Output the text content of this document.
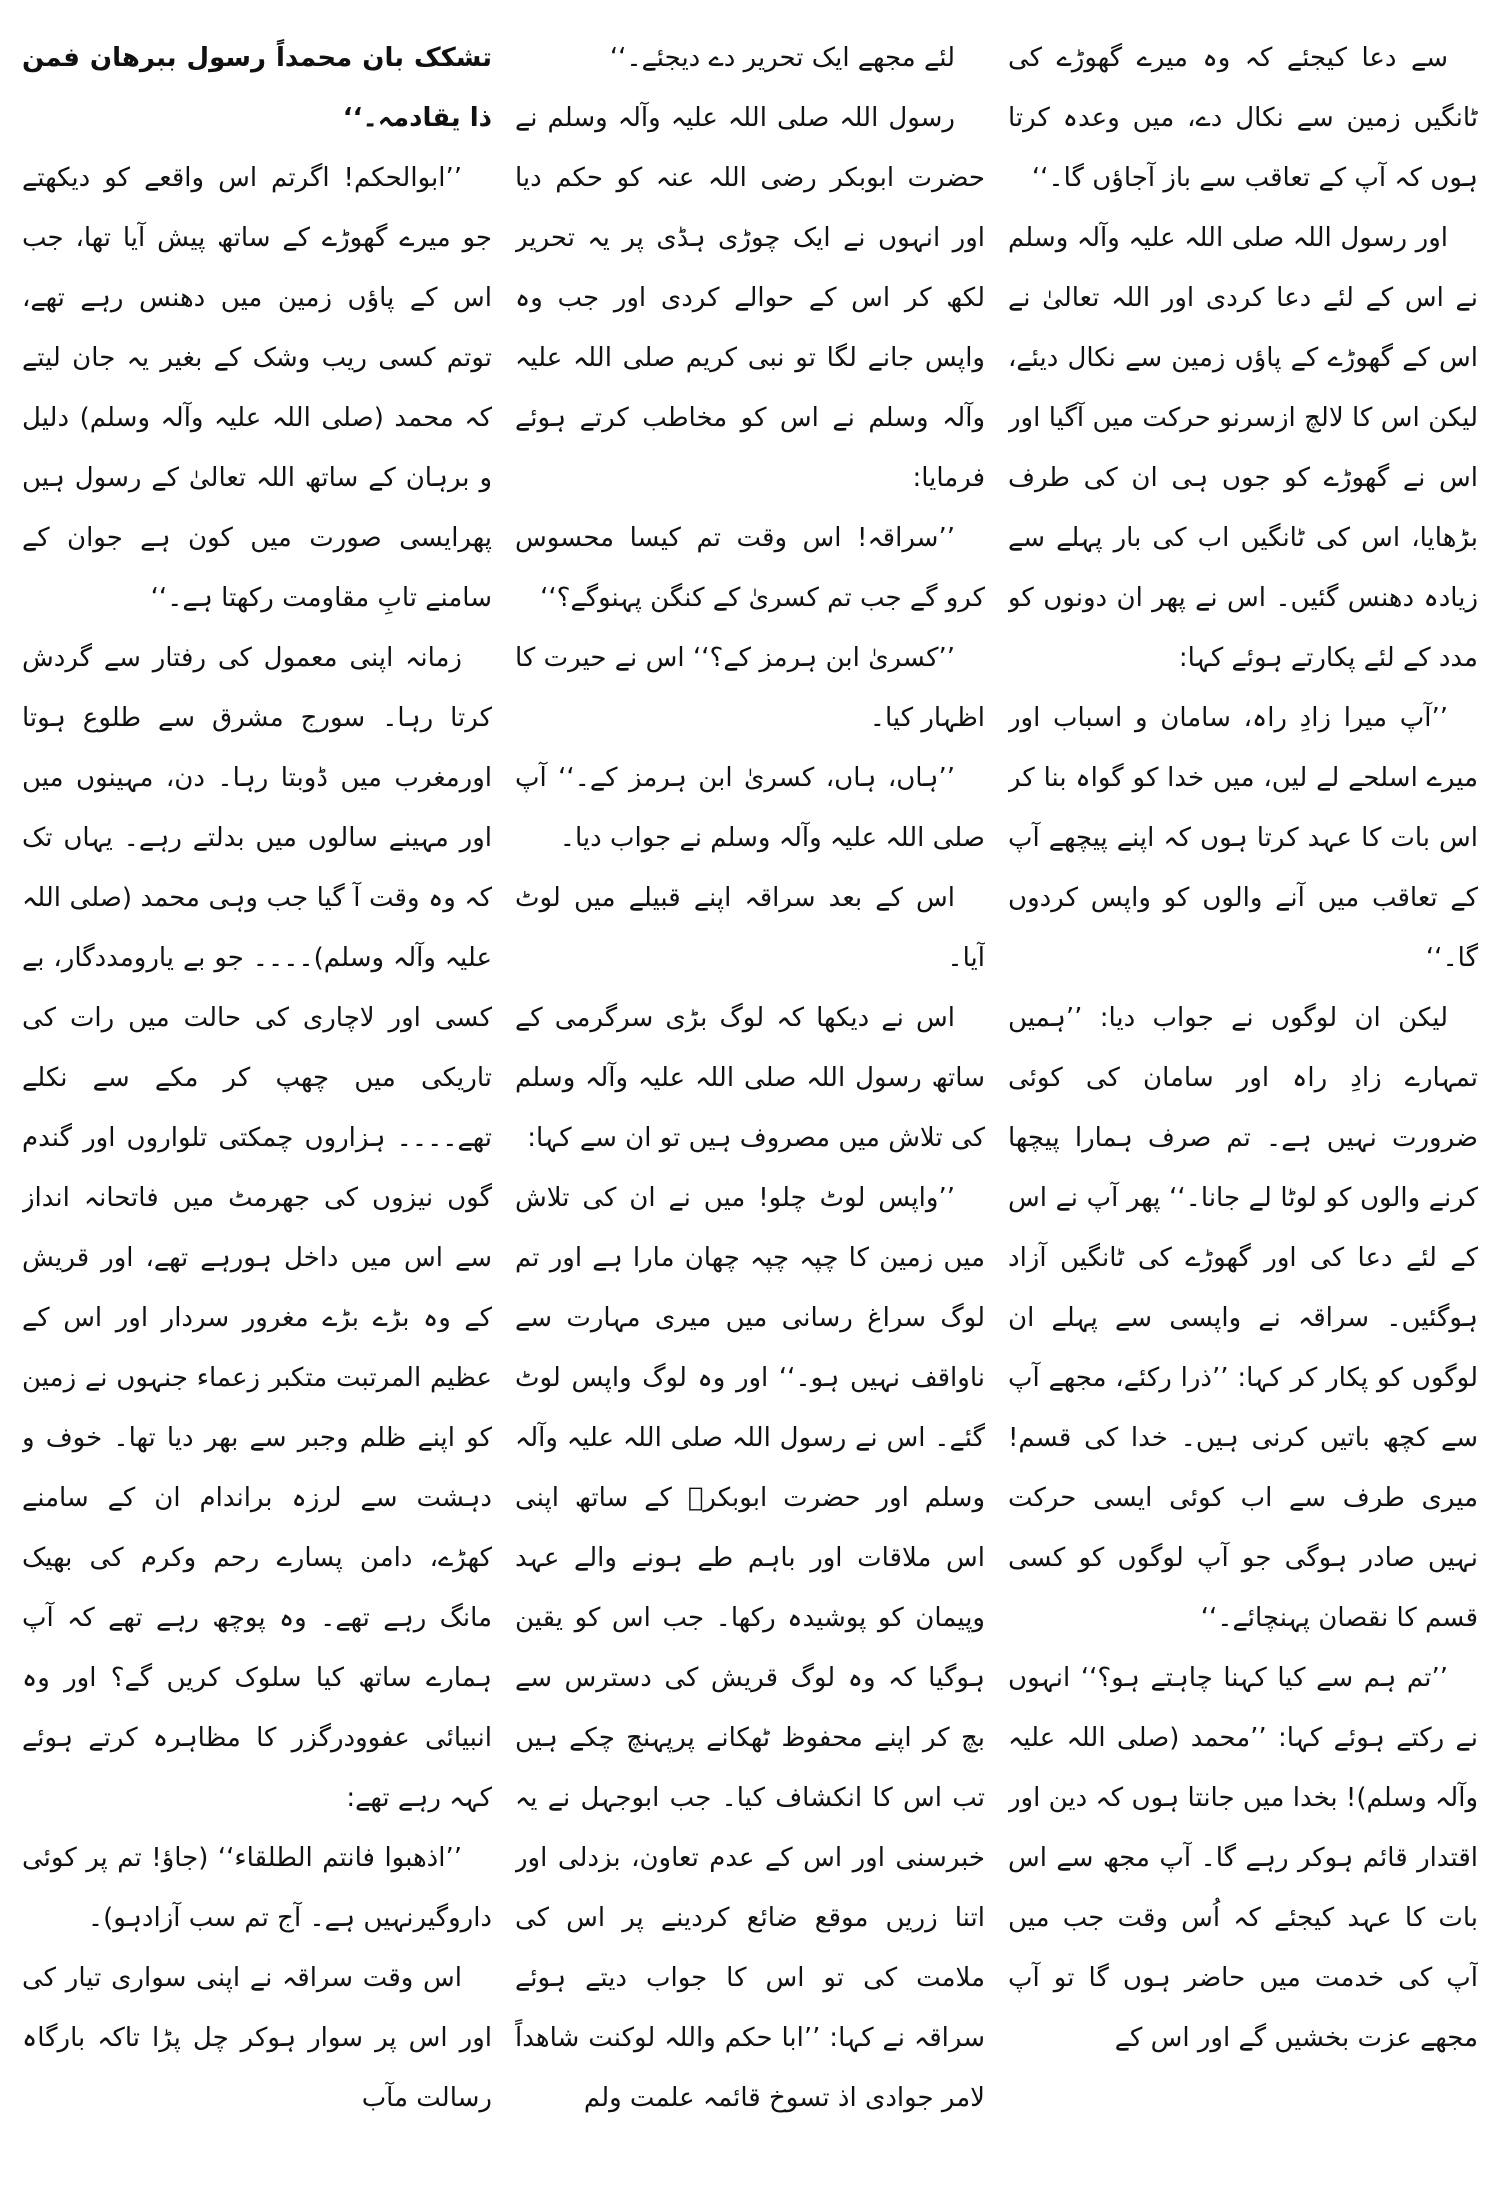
تشکک بان محمداً رسول ببرھان فمن ذا یقادمہ۔‘‘

’’ابوالحکم! اگرتم اس واقعے کو دیکھتے جو میرے گھوڑے کے ساتھ پیش آیا تھا، جب اس کے پاؤں زمین میں دھنس رہے تھے، توتم کسی ریب وشک کے بغیر یہ جان لیتے کہ محمد (صلی اللہ علیہ وآلہ وسلم) دلیل و برہان کے ساتھ اللہ تعالیٰ کے رسول ہیں پھرایسی صورت میں کون ہے جوان کے سامنے تابِ مقاومت رکھتا ہے۔‘‘

زمانہ اپنی معمول کی رفتار سے گردش کرتا رہا۔ سورج مشرق سے طلوع ہوتا اورمغرب میں ڈوبتا رہا۔ دن، مہینوں میں اور مہینے سالوں میں بدلتے رہے۔ یہاں تک کہ وہ وقت آ گیا جب وہی محمد (صلی اللہ علیہ وآلہ وسلم)۔۔۔۔ جو بے یارومددگار، بے کسی اور لاچاری کی حالت میں رات کی تاریکی میں چھپ کر مکے سے نکلے تھے۔۔۔۔ ہزاروں چمکتی تلواروں اور گندم گوں نیزوں کی جھرمٹ میں فاتحانہ انداز سے اس میں داخل ہورہے تھے، اور قریش کے وہ بڑے بڑے مغرور سردار اور اس کے عظیم المرتبت متکبر زعماء جنہوں نے زمین کو اپنے ظلم وجبر سے بھر دیا تھا۔ خوف و دہشت سے لرزہ براندام ان کے سامنے کھڑے، دامن پسارے رحم وکرم کی بھیک مانگ رہے تھے۔ وہ پوچھ رہے تھے کہ آپ ہمارے ساتھ کیا سلوک کریں گے؟ اور وہ انبیائی عفوودرگزر کا مظاہرہ کرتے ہوئے کہہ رہے تھے:

’’اذھبوا فانتم الطلقاء‘‘ (جاؤ! تم پر کوئی داروگیرنہیں ہے۔ آج تم سب آزادہو)۔

اس وقت سراقہ نے اپنی سواری تیار کی اور اس پر سوار ہوکر چل پڑا تاکہ بارگاہ رسالت مآب

لئے مجھے ایک تحریر دے دیجئے۔‘‘

رسول اللہ صلی اللہ علیہ وآلہ وسلم نے حضرت ابوبکر رضی اللہ عنہ کو حکم دیا اور انہوں نے ایک چوڑی ہڈی پر یہ تحریر لکھ کر اس کے حوالے کردی اور جب وہ واپس جانے لگا تو نبی کریم صلی اللہ علیہ وآلہ وسلم نے اس کو مخاطب کرتے ہوئے فرمایا:

’’سراقہ! اس وقت تم کیسا محسوس کرو گے جب تم کسریٰ کے کنگن پہنوگے؟‘‘

’’کسریٰ ابن ہرمز کے؟‘‘ اس نے حیرت کا اظہار کیا۔

’’ہاں، ہاں، کسریٰ ابن ہرمز کے۔‘‘ آپ صلی اللہ علیہ وآلہ وسلم نے جواب دیا۔

اس کے بعد سراقہ اپنے قبیلے میں لوٹ آیا۔

اس نے دیکھا کہ لوگ بڑی سرگرمی کے ساتھ رسول اللہ صلی اللہ علیہ وآلہ وسلم کی تلاش میں مصروف ہیں تو ان سے کہا:

’’واپس لوٹ چلو! میں نے ان کی تلاش میں زمین کا چپہ چپہ چھان مارا ہے اور تم لوگ سراغ رسانی میں میری مہارت سے ناواقف نہیں ہو۔‘‘ اور وہ لوگ واپس لوٹ گئے۔ اس نے رسول اللہ صلی اللہ علیہ وآلہ وسلم اور حضرت ابوبکرؓ کے ساتھ اپنی اس ملاقات اور باہم طے ہونے والے عہد وپیمان کو پوشیدہ رکھا۔ جب اس کو یقین ہوگیا کہ وہ لوگ قریش کی دسترس سے بچ کر اپنے محفوظ ٹھکانے پرپہنچ چکے ہیں تب اس کا انکشاف کیا۔ جب ابوجہل نے یہ خبرسنی اور اس کے عدم تعاون، بزدلی اور اتنا زریں موقع ضائع کردینے پر اس کی ملامت کی تو اس کا جواب دیتے ہوئے سراقہ نے کہا: ’’ابا حکم واللہ لوکنت شاھداً لامر جوادی اذ تسوخ قائمہ علمت ولم

سے دعا کیجئے کہ وہ میرے گھوڑے کی ٹانگیں زمین سے نکال دے، میں وعدہ کرتا ہوں کہ آپ کے تعاقب سے باز آجاؤں گا۔‘‘

اور رسول اللہ صلی اللہ علیہ وآلہ وسلم نے اس کے لئے دعا کردی اور اللہ تعالیٰ نے اس کے گھوڑے کے پاؤں زمین سے نکال دیئے، لیکن اس کا لالچ ازسرنو حرکت میں آگیا اور اس نے گھوڑے کو جوں ہی ان کی طرف بڑھایا، اس کی ٹانگیں اب کی بار پہلے سے زیادہ دھنس گئیں۔ اس نے پھر ان دونوں کو مدد کے لئے پکارتے ہوئے کہا:

’’آپ میرا زادِ راہ، سامان و اسباب اور میرے اسلحے لے لیں، میں خدا کو گواہ بنا کر اس بات کا عہد کرتا ہوں کہ اپنے پیچھے آپ کے تعاقب میں آنے والوں کو واپس کردوں گا۔‘‘

لیکن ان لوگوں نے جواب دیا: ’’ہمیں تمہارے زادِ راہ اور سامان کی کوئی ضرورت نہیں ہے۔ تم صرف ہمارا پیچھا کرنے والوں کو لوٹا لے جانا۔‘‘ پھر آپ نے اس کے لئے دعا کی اور گھوڑے کی ٹانگیں آزاد ہوگئیں۔ سراقہ نے واپسی سے پہلے ان لوگوں کو پکار کر کہا: ’’ذرا رکئے، مجھے آپ سے کچھ باتیں کرنی ہیں۔ خدا کی قسم! میری طرف سے اب کوئی ایسی حرکت نہیں صادر ہوگی جو آپ لوگوں کو کسی قسم کا نقصان پہنچائے۔‘‘

’’تم ہم سے کیا کہنا چاہتے ہو؟‘‘ انہوں نے رکتے ہوئے کہا: ’’محمد (صلی اللہ علیہ وآلہ وسلم)! بخدا میں جانتا ہوں کہ دین اور اقتدار قائم ہوکر رہے گا۔ آپ مجھ سے اس بات کا عہد کیجئے کہ اُس وقت جب میں آپ کی خدمت میں حاضر ہوں گا تو آپ مجھے عزت بخشیں گے اور اس کے
